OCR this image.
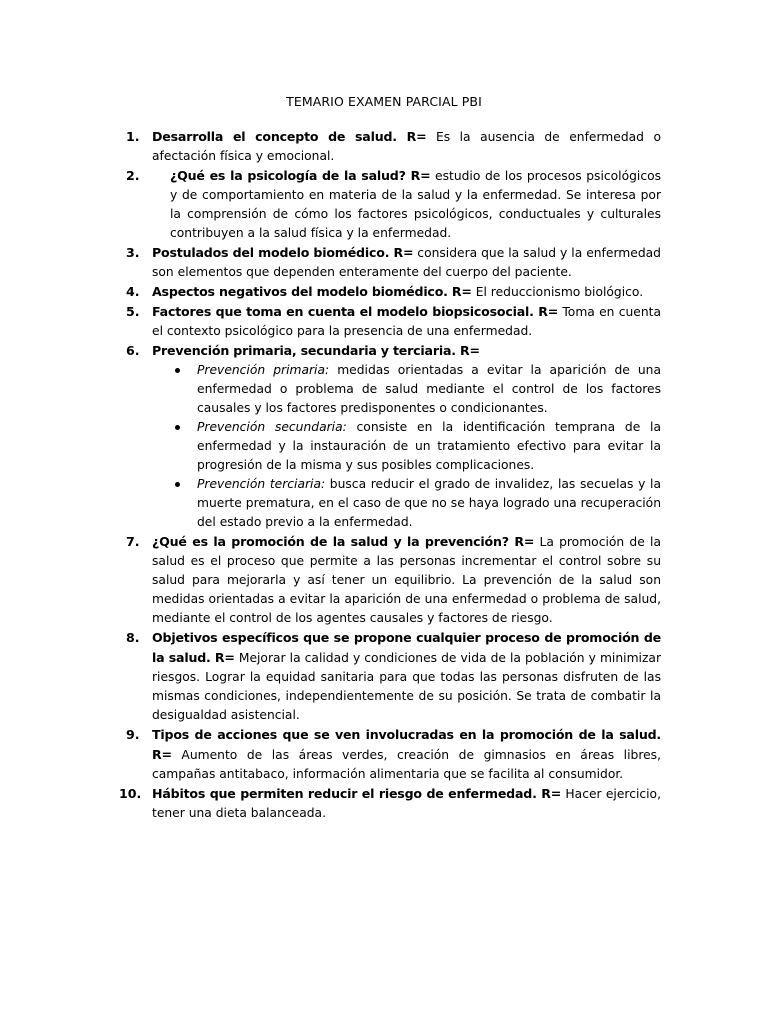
TEMARIO EXAMEN PARCIAL PBI
1. Desarrolla el concepto de salud. R= Es la ausencia de enfermedad o afectación física y emocional.
2. ¿Qué es la psicología de la salud? R= estudio de los procesos psicológicos y de comportamiento en materia de la salud y la enfermedad. Se interesa por la comprensión de cómo los factores psicológicos, conductuales y culturales contribuyen a la salud física y la enfermedad.
3. Postulados del modelo biomédico. R= considera que la salud y la enfermedad son elementos que dependen enteramente del cuerpo del paciente.
4. Aspectos negativos del modelo biomédico. R= El reduccionismo biológico.
5. Factores que toma en cuenta el modelo biopsicosocial. R= Toma en cuenta el contexto psicológico para la presencia de una enfermedad.
6. Prevención primaria, secundaria y terciaria. R=
Prevención primaria: medidas orientadas a evitar la aparición de una enfermedad o problema de salud mediante el control de los factores causales y los factores predisponentes o condicionantes.
Prevención secundaria: consiste en la identificación temprana de la enfermedad y la instauración de un tratamiento efectivo para evitar la progresión de la misma y sus posibles complicaciones.
Prevención terciaria: busca reducir el grado de invalidez, las secuelas y la muerte prematura, en el caso de que no se haya logrado una recuperación del estado previo a la enfermedad.
7. ¿Qué es la promoción de la salud y la prevención? R= La promoción de la salud es el proceso que permite a las personas incrementar el control sobre su salud para mejorarla y así tener un equilibrio. La prevención de la salud son medidas orientadas a evitar la aparición de una enfermedad o problema de salud, mediante el control de los agentes causales y factores de riesgo.
8. Objetivos específicos que se propone cualquier proceso de promoción de la salud. R= Mejorar la calidad y condiciones de vida de la población y minimizar riesgos. Lograr la equidad sanitaria para que todas las personas disfruten de las mismas condiciones, independientemente de su posición. Se trata de combatir la desigualdad asistencial.
9. Tipos de acciones que se ven involucradas en la promoción de la salud. R= Aumento de las áreas verdes, creación de gimnasios en áreas libres, campañas antitabaco, información alimentaria que se facilita al consumidor.
10. Hábitos que permiten reducir el riesgo de enfermedad. R= Hacer ejercicio, tener una dieta balanceada.
